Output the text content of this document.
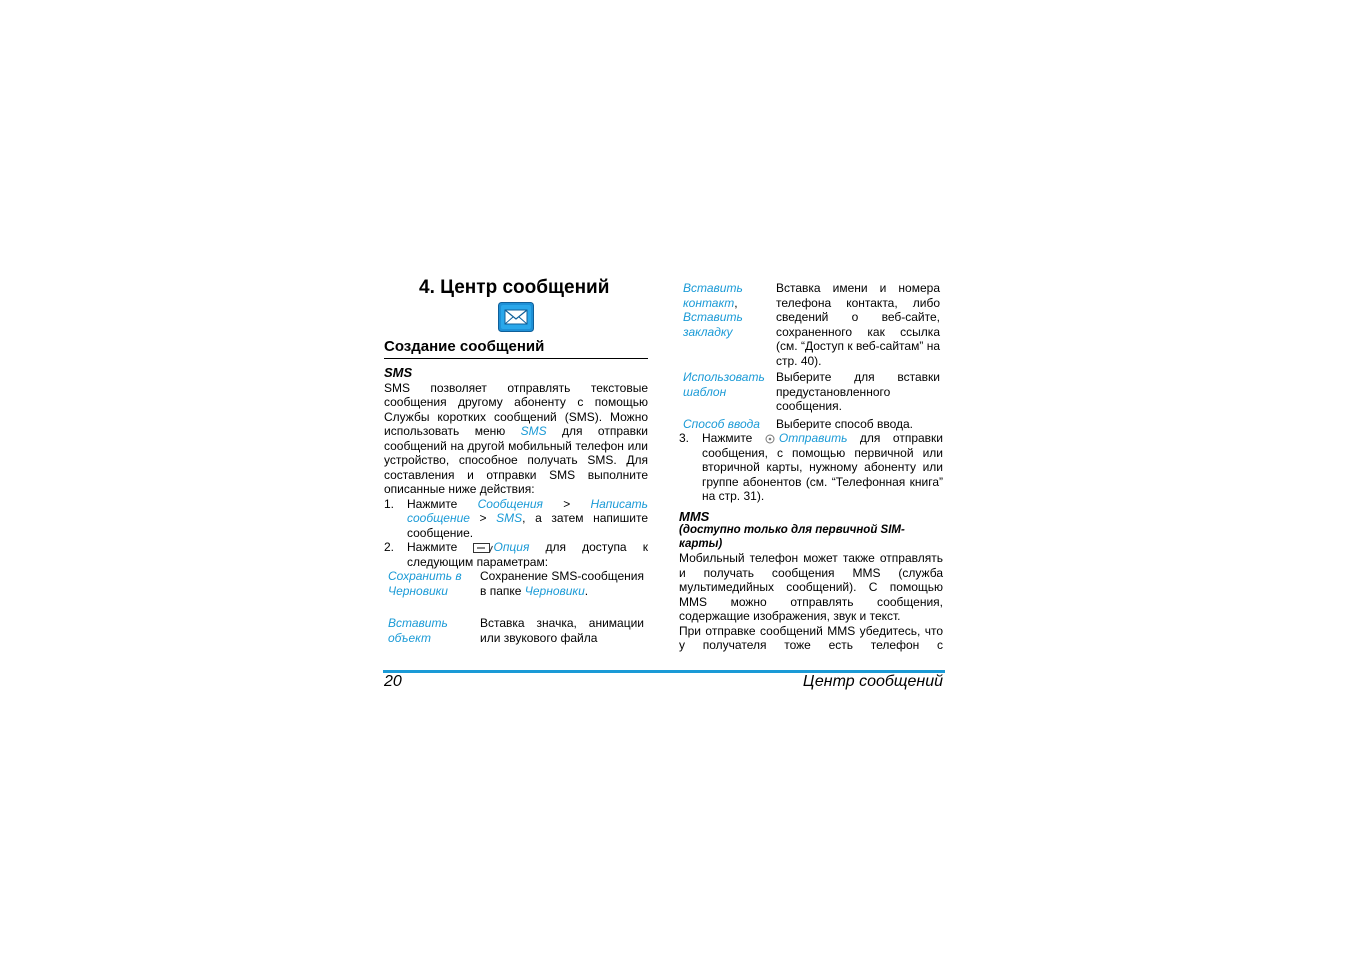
4. Центр сообщений
Создание сообщений
SMS
SMS позволяет отправлять текстовые сообщения другому абоненту с помощью Службы коротких сообщений (SMS). Можно использовать меню SMS для отправки сообщений на другой мобильный телефон или устройство, способное получать SMS. Для составления и отправки SMS выполните описанные ниже действия:
1. Нажмите Сообщения > Написать сообщение > SMS, а затем напишите сообщение.
2. Нажмите Опция для доступа к следующим параметрам:
Сохранить в Черновики
Сохранение SMS-сообщения в папке Черновики.
Вставить объект
Вставка значка, анимации или звукового файла
Вставить контакт,
Вставить закладку
Вставка имени и номера телефона контакта, либо сведений о веб-сайте, сохраненного как ссылка (см. “Доступ к веб-сайтам” на стр. 40).
Использовать шаблон
Выберите для вставки предустановленного сообщения.
Способ ввода	Выберите способ ввода.
3. Нажмите Отправить для отправки сообщения, с помощью первичной или вторичной карты, нужному абоненту или группе абонентов (см. “Телефонная книга” на стр. 31).
MMS
(доступно только для первичной SIM-карты)
Мобильный телефон может также отправлять и получать сообщения MMS (служба мультимедийных сообщений). С помощью MMS можно отправлять сообщения, содержащие изображения, звук и текст.
При отправке сообщений MMS убедитесь, что у получателя тоже есть телефон с
20	Центр сообщений
